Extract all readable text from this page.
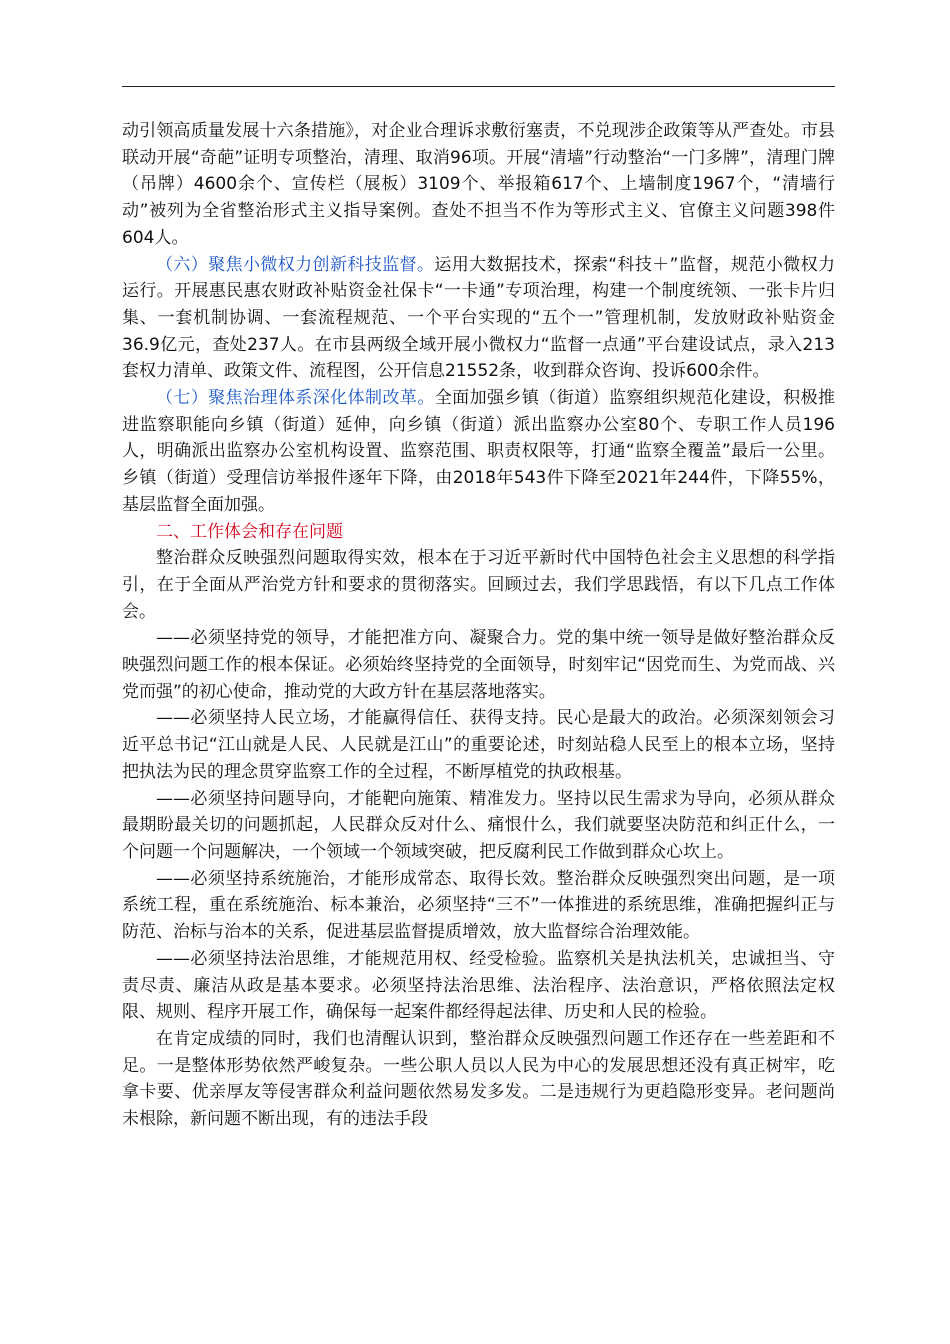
动引领高质量发展十六条措施》，对企业合理诉求敷衍塞责，不兑现涉企政策等从严查处。市县联动开展“奇葩”证明专项整治，清理、取消96项。开展“清墙”行动整治“一门多牌”，清理门牌（吊牌）4600余个、宣传栏（展板）3109个、举报箱617个、上墙制度1967个，“清墙行动”被列为全省整治形式主义指导案例。查处不担当不作为等形式主义、官僚主义问题398件604人。

（六）聚焦小微权力创新科技监督。运用大数据技术，探索“科技＋”监督，规范小微权力运行。开展惠民惠农财政补贴资金社保卡“一卡通”专项治理，构建一个制度统领、一张卡片归集、一套机制协调、一套流程规范、一个平台实现的“五个一”管理机制，发放财政补贴资金36.9亿元，查处237人。在市县两级全域开展小微权力“监督一点通”平台建设试点，录入213套权力清单、政策文件、流程图，公开信息21552条，收到群众咨询、投诉600余件。

（七）聚焦治理体系深化体制改革。全面加强乡镇（街道）监察组织规范化建设，积极推进监察职能向乡镇（街道）延伸，向乡镇（街道）派出监察办公室80个、专职工作人员196人，明确派出监察办公室机构设置、监察范围、职责权限等，打通“监察全覆盖”最后一公里。乡镇（街道）受理信访举报件逐年下降，由2018年543件下降至2021年244件，下降55%，基层监督全面加强。

二、工作体会和存在问题

整治群众反映强烈问题取得实效，根本在于习近平新时代中国特色社会主义思想的科学指引，在于全面从严治党方针和要求的贯彻落实。回顾过去，我们学思践悟，有以下几点工作体会。

——必须坚持党的领导，才能把准方向、凝聚合力。党的集中统一领导是做好整治群众反映强烈问题工作的根本保证。必须始终坚持党的全面领导，时刻牢记“因党而生、为党而战、兴党而强”的初心使命，推动党的大政方针在基层落地落实。

——必须坚持人民立场，才能赢得信任、获得支持。民心是最大的政治。必须深刻领会习近平总书记“江山就是人民、人民就是江山”的重要论述，时刻站稳人民至上的根本立场，坚持把执法为民的理念贯穿监察工作的全过程，不断厚植党的执政根基。

——必须坚持问题导向，才能靶向施策、精准发力。坚持以民生需求为导向，必须从群众最期盼最关切的问题抓起，人民群众反对什么、痛恨什么，我们就要坚决防范和纠正什么，一个问题一个问题解决，一个领域一个领域突破，把反腐利民工作做到群众心坎上。

——必须坚持系统施治，才能形成常态、取得长效。整治群众反映强烈突出问题，是一项系统工程，重在系统施治、标本兼治，必须坚持“三不”一体推进的系统思维，准确把握纠正与防范、治标与治本的关系，促进基层监督提质增效，放大监督综合治理效能。

——必须坚持法治思维，才能规范用权、经受检验。监察机关是执法机关，忠诚担当、守责尽责、廉洁从政是基本要求。必须坚持法治思维、法治程序、法治意识，严格依照法定权限、规则、程序开展工作，确保每一起案件都经得起法律、历史和人民的检验。

在肯定成绩的同时，我们也清醒认识到，整治群众反映强烈问题工作还存在一些差距和不足。一是整体形势依然严峻复杂。一些公职人员以人民为中心的发展思想还没有真正树牢，吃拿卡要、优亲厚友等侵害群众利益问题依然易发多发。二是违规行为更趋隐形变异。老问题尚未根除，新问题不断出现，有的违法手段
